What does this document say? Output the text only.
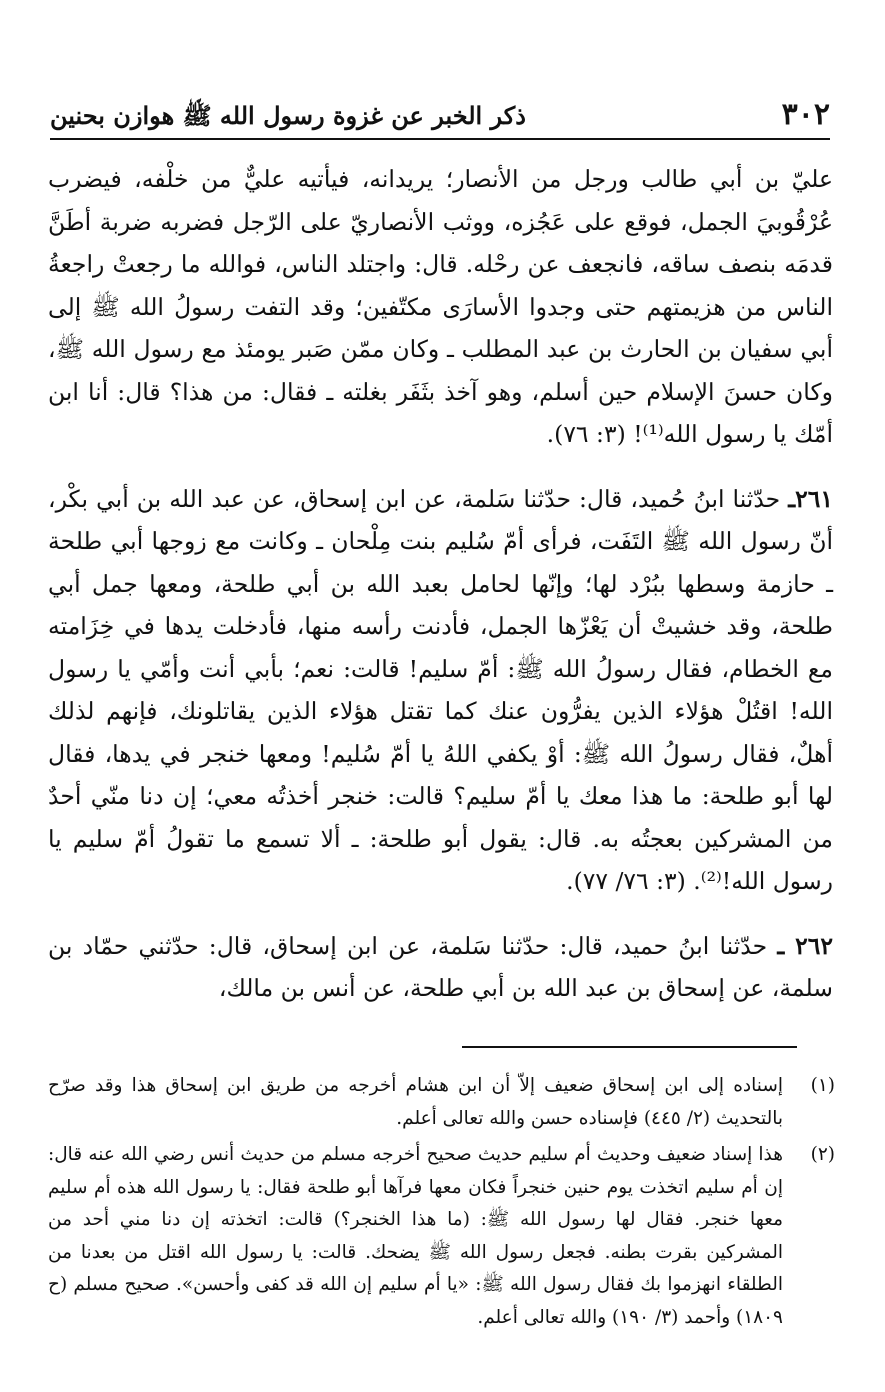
٣٠٢
ذكر الخبر عن غزوة رسول الله ﷺ هوازن بحنين

عليّ بن أبي طالب ورجل من الأنصار؛ يريدانه، فيأتيه عليٌّ من خلْفه، فيضرب عُرْقُوبيَ الجمل، فوقع على عَجُزه، ووثب الأنصاريّ على الرّجل فضربه ضربة أطَنَّ قدمَه بنصف ساقه، فانجعف عن رحْله. قال: واجتلد الناس، فوالله ما رجعتْ راجعةُ الناس من هزيمتهم حتى وجدوا الأسارَى مكتّفين؛ وقد التفت رسولُ الله ﷺ إلى أبي سفيان بن الحارث بن عبد المطلب ـ وكان ممّن صَبر يومئذ مع رسول الله ﷺ، وكان حسنَ الإسلام حين أسلم، وهو آخذ بثَفَر بغلته ـ فقال: من هذا؟ قال: أنا ابن أمّك يا رسول الله⁽¹⁾! (٣: ٧٦).

٢٦١ـ حدّثنا ابنُ حُميد، قال: حدّثنا سَلمة، عن ابن إسحاق، عن عبد الله بن أبي بكْر، أنّ رسول الله ﷺ التَفَت، فرأى أمّ سُليم بنت مِلْحان ـ وكانت مع زوجها أبي طلحة ـ حازمة وسطها ببُرْد لها؛ وإنّها لحامل بعبد الله بن أبي طلحة، ومعها جمل أبي طلحة، وقد خشيتْ أن يَعْزّها الجمل، فأدنت رأسه منها، فأدخلت يدها في خِزَامته مع الخطام، فقال رسولُ الله ﷺ: أمّ سليم! قالت: نعم؛ بأبي أنت وأمّي يا رسول الله! اقتُلْ هؤلاء الذين يفرُّون عنك كما تقتل هؤلاء الذين يقاتلونك، فإنهم لذلك أهلٌ، فقال رسولُ الله ﷺ: أوْ يكفي اللهُ يا أمّ سُليم! ومعها خنجر في يدها، فقال لها أبو طلحة: ما هذا معك يا أمّ سليم؟ قالت: خنجر أخذتُه معي؛ إن دنا منّي أحدٌ من المشركين بعجتُه به. قال: يقول أبو طلحة: ـ ألا تسمع ما تقولُ أمّ سليم يا رسول الله!⁽²⁾. (٣: ٧٦/ ٧٧).

٢٦٢ ـ حدّثنا ابنُ حميد، قال: حدّثنا سَلمة، عن ابن إسحاق، قال: حدّثني حمّاد بن سلمة، عن إسحاق بن عبد الله بن أبي طلحة، عن أنس بن مالك،

(١)
إسناده إلى ابن إسحاق ضعيف إلاّ أن ابن هشام أخرجه من طريق ابن إسحاق هذا وقد صرّح بالتحديث (٢/ ٤٤٥) فإسناده حسن والله تعالى أعلم.
(٢)
هذا إسناد ضعيف وحديث أم سليم حديث صحيح أخرجه مسلم من حديث أنس رضي الله عنه قال: إن أم سليم اتخذت يوم حنين خنجراً فكان معها فرآها أبو طلحة فقال: يا رسول الله هذه أم سليم معها خنجر. فقال لها رسول الله ﷺ: (ما هذا الخنجر؟) قالت: اتخذته إن دنا مني أحد من المشركين بقرت بطنه. فجعل رسول الله ﷺ يضحك. قالت: يا رسول الله اقتل من بعدنا من الطلقاء انهزموا بك فقال رسول الله ﷺ: «يا أم سليم إن الله قد كفى وأحسن». صحيح مسلم (ح ١٨٠٩) وأحمد (٣/ ١٩٠) والله تعالى أعلم.
